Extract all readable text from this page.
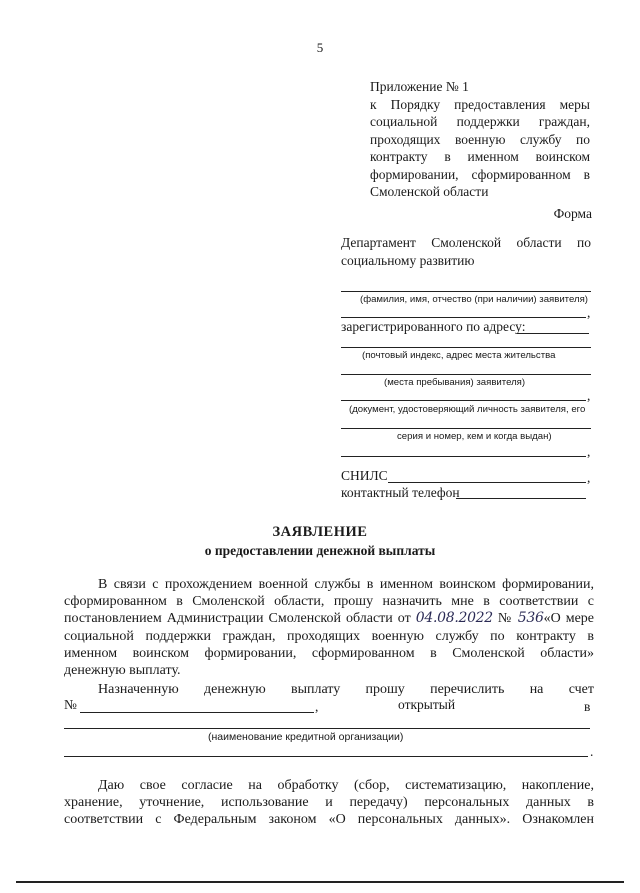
5
Приложение № 1
к Порядку предоставления меры
социальной поддержки граждан,
проходящих военную службу по
контракту в именном воинском
формировании, сформированном в
Смоленской области
Форма
Департамент Смоленской области по
социальному развитию
(фамилия, имя, отчество (при наличии) заявителя)
,
зарегистрированного по адресу:
(почтовый индекс, адрес места жительства
(места пребывания) заявителя)
,
(документ, удостоверяющий личность заявителя, его
серия и номер, кем и когда выдан)
,
СНИЛС	,
контактный телефон
ЗАЯВЛЕНИЕ
о предоставлении денежной выплаты
В связи с прохождением военной службы в именном воинском формировании,
сформированном в Смоленской области, прошу назначить мне в соответствии с
постановлением Администрации Смоленской области от 04.08.2022 № 536«О мере
социальной поддержки граждан, проходящих военную службу по контракту в
именном воинском формировании, сформированном в Смоленской области»
денежную выплату.
Назначенную денежную выплату прошу перечислить на счет
№	,	открытый	в
(наименование кредитной организации)
.
Даю свое согласие на обработку (сбор, систематизацию, накопление,
хранение, уточнение, использование и передачу) персональных данных в
соответствии с Федеральным законом «О персональных данных». Ознакомлен
